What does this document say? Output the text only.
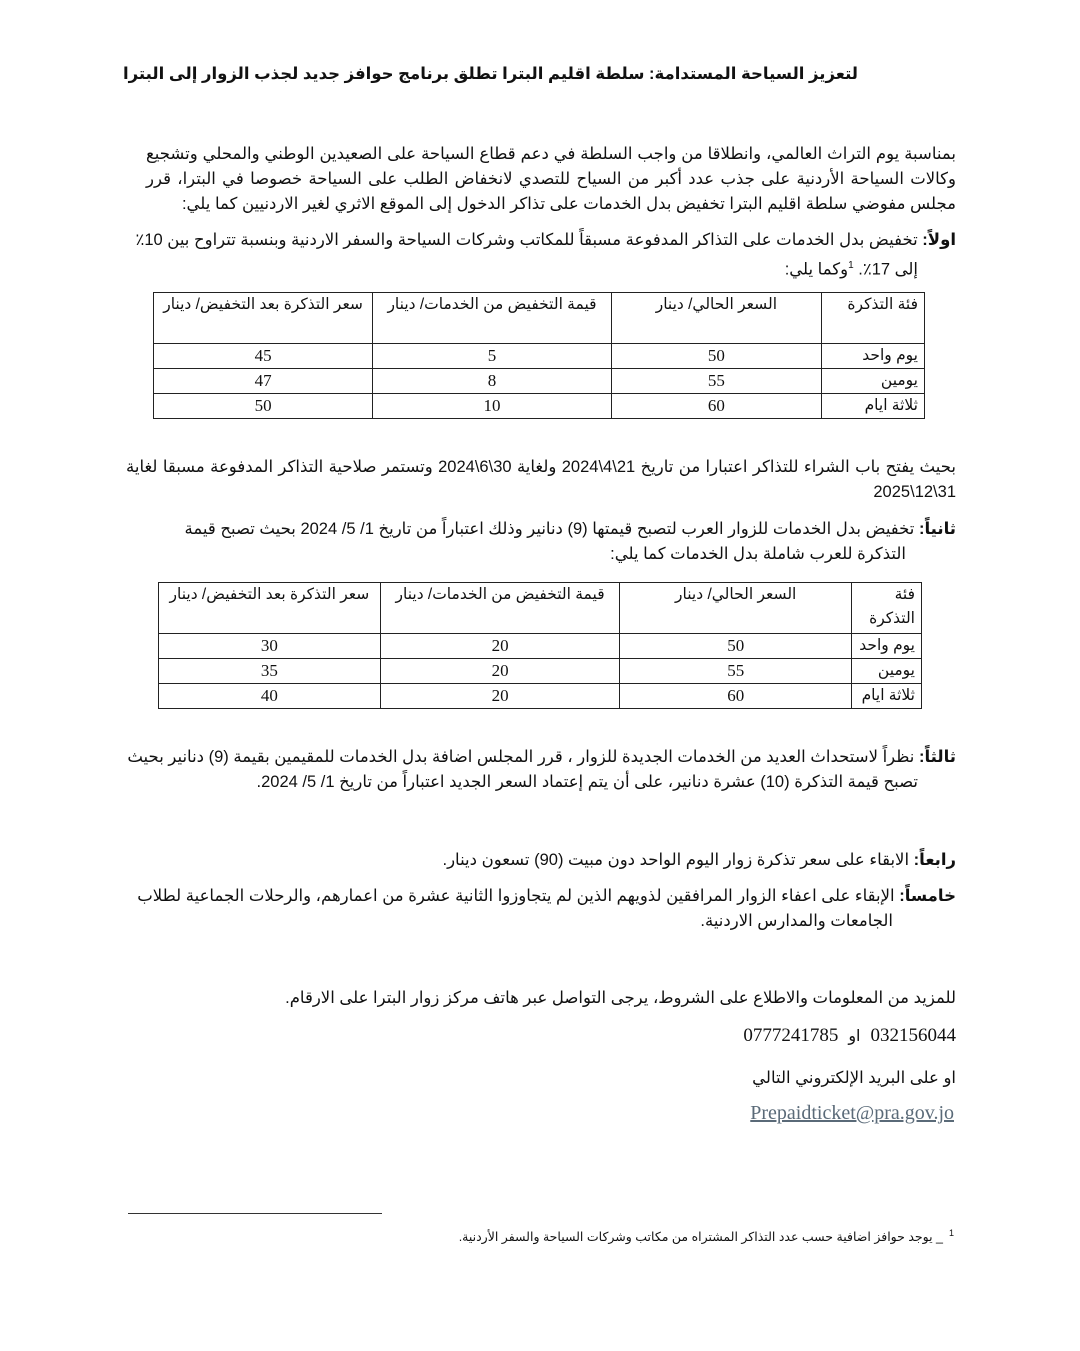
لتعزيز السياحة المستدامة: سلطة اقليم البترا تطلق برنامج حوافز جديد لجذب الزوار إلى البترا

بمناسبة يوم التراث العالمي، وانطلاقا من واجب السلطة في دعم قطاع السياحة على الصعيدين الوطني والمحلي وتشجيع وكالات السياحة الأردنية على جذب عدد أكبر من السياح للتصدي لانخفاض الطلب على السياحة خصوصا في البترا، قرر مجلس مفوضي سلطة اقليم البترا تخفيض بدل الخدمات على تذاكر الدخول إلى الموقع الاثري لغير الاردنيين كما يلي:

اولاً: تخفيض بدل الخدمات على التذاكر المدفوعة مسبقاً للمكاتب وشركات السياحة والسفر الاردنية وبنسبة تتراوح بين 10٪
إلى 17٪. $^1$وكما يلي:
فئة التذكرة	السعر الحالي/ دينار	قيمة التخفيض من الخدمات/ دينار	سعر التذكرة بعد التخفيض/ دينار
يوم واحد	50	5	45
يومين	55	8	47
ثلاثة ايام	60	10	50

بحيث يفتح باب الشراء للتذاكر اعتبارا من تاريخ 21\4\2024 ولغاية 30\6\2024 وتستمر صلاحية التذاكر المدفوعة مسبقا لغاية 31\12\2025

ثانياً: تخفيض بدل الخدمات للزوار العرب لتصبح قيمتها (9) دنانير وذلك اعتباراً من تاريخ 1/ 5/ 2024 بحيث تصبح قيمة
التذكرة للعرب شاملة بدل الخدمات كما يلي:
فئة التذكرة	السعر الحالي/ دينار	قيمة التخفيض من الخدمات/ دينار	سعر التذكرة بعد التخفيض/ دينار
يوم واحد	50	20	30
يومين	55	20	35
ثلاثة ايام	60	20	40
ثالثاً: نظراً لاستحداث العديد من الخدمات الجديدة للزوار ، قرر المجلس اضافة بدل الخدمات للمقيمين بقيمة (9) دنانير بحيث
تصبح قيمة التذكرة (10) عشرة دنانير، على أن يتم إعتماد السعر الجديد اعتباراً من تاريخ 1/ 5/ 2024.
رابعاً: الابقاء على سعر تذكرة زوار اليوم الواحد دون مبيت (90) تسعون دينار.
خامساً: الإبقاء على اعفاء الزوار المرافقين لذويهم الذين لم يتجاوزوا الثانية عشرة من اعمارهم، والرحلات الجماعية لطلاب
الجامعات والمدارس الاردنية.
للمزيد من المعلومات والاطلاع على الشروط، يرجى التواصل عبر هاتف مركز زوار البترا على الارقام.
032156044او0777241785
او على البريد الإلكتروني التالي
Prepaidticket@pra.gov.jo
$^1$_ يوجد حوافز اضافية حسب عدد التذاكر المشتراه من مكاتب وشركات السياحة والسفر الأردنية.
